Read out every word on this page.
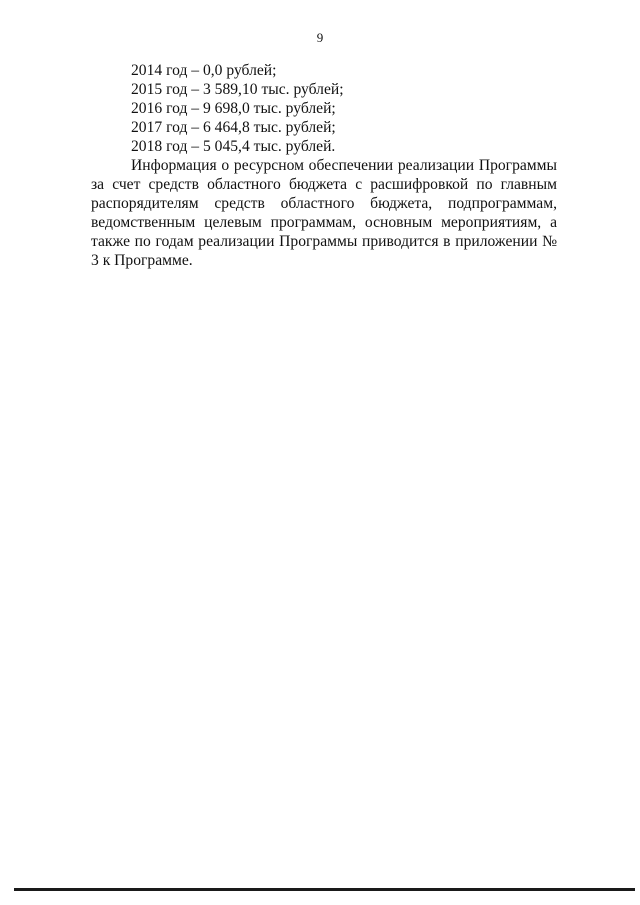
9
2014 год – 0,0 рублей;
2015 год – 3 589,10 тыс. рублей;
2016 год – 9 698,0 тыс. рублей;
2017 год – 6 464,8 тыс. рублей;
2018 год – 5 045,4 тыс. рублей.

Информация о ресурсном обеспечении реализации Программы за счет средств областного бюджета с расшифровкой по главным распорядителям средств областного бюджета, подпрограммам, ведомственным целевым программам, основным мероприятиям, а также по годам реализации Программы приводится в приложении № 3 к Программе.
